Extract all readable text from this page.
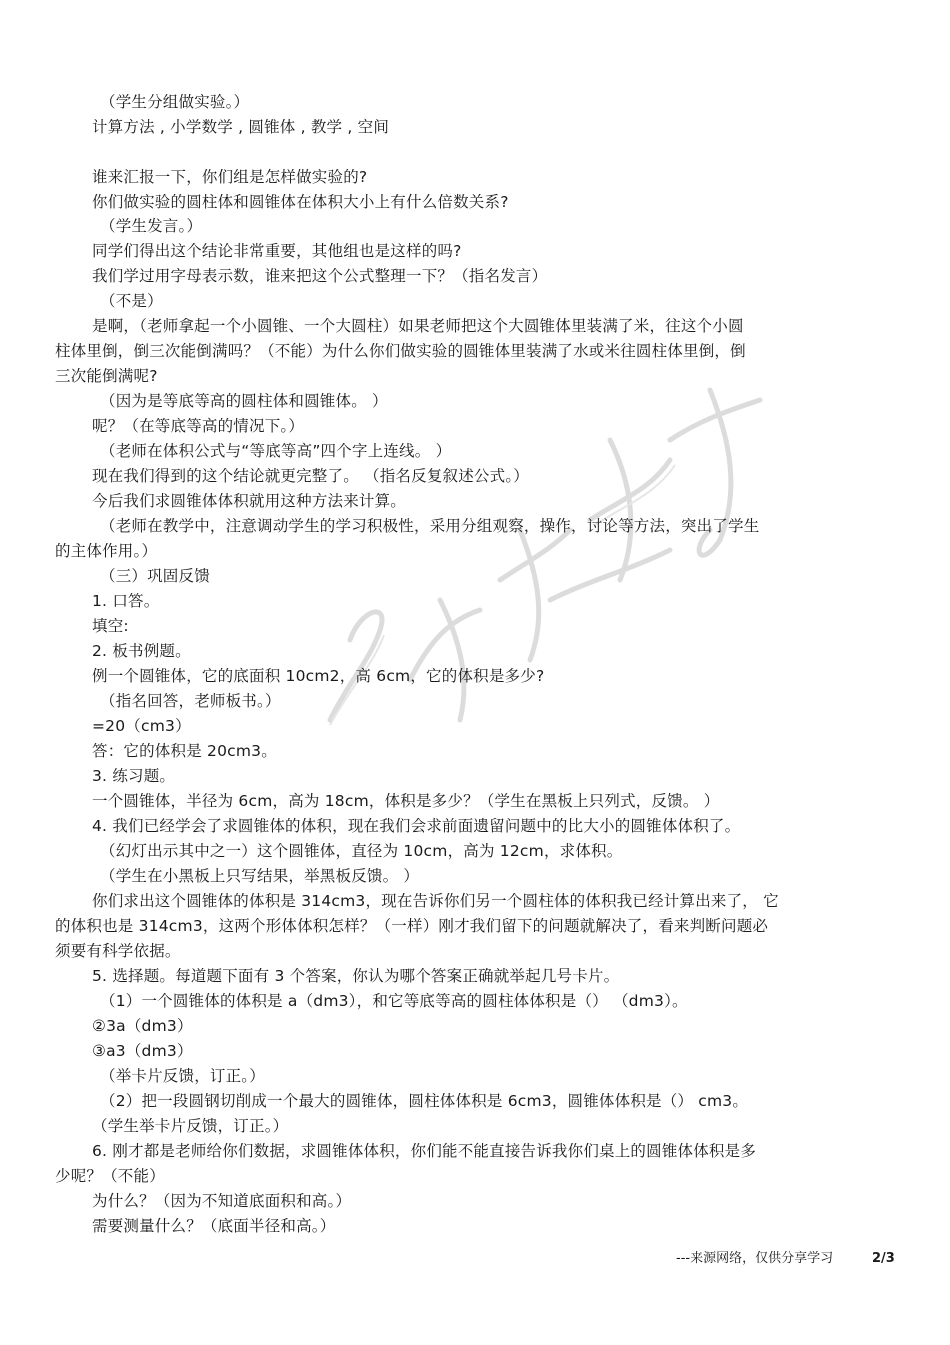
（学生分组做实验。）
计算方法 , 小学数学 , 圆锥体 , 教学 , 空间
谁来汇报一下，你们组是怎样做实验的?
你们做实验的圆柱体和圆锥体在体积大小上有什么倍数关系?
（学生发言。）
同学们得出这个结论非常重要，其他组也是这样的吗?
我们学过用字母表示数，谁来把这个公式整理一下？（指名发言）
（不是）
是啊，（老师拿起一个小圆锥、一个大圆柱）如果老师把这个大圆锥体里装满了米，往这个小圆
柱体里倒，倒三次能倒满吗？（不能）为什么你们做实验的圆锥体里装满了水或米往圆柱体里倒，倒
三次能倒满呢?
（因为是等底等高的圆柱体和圆锥体。 ）
呢？（在等底等高的情况下。）
（老师在体积公式与“等底等高”四个字上连线。 ）
现在我们得到的这个结论就更完整了。 （指名反复叙述公式。）
今后我们求圆锥体体积就用这种方法来计算。
（老师在教学中，注意调动学生的学习积极性，采用分组观察，操作，讨论等方法，突出了学生
的主体作用。）
（三）巩固反馈
1. 口答。
填空:
2. 板书例题。
例一个圆锥体，它的底面积 10cm2，高 6cm，它的体积是多少?
（指名回答，老师板书。）
=20（cm3）
答：它的体积是 20cm3。
3. 练习题。
一个圆锥体，半径为 6cm，高为 18cm，体积是多少？（学生在黑板上只列式，反馈。 ）
4. 我们已经学会了求圆锥体的体积，现在我们会求前面遗留问题中的比大小的圆锥体体积了。
（幻灯出示其中之一）这个圆锥体，直径为 10cm，高为 12cm，求体积。
（学生在小黑板上只写结果，举黑板反馈。 ）
你们求出这个圆锥体的体积是 314cm3，现在告诉你们另一个圆柱体的体积我已经计算出来了， 它
的体积也是 314cm3，这两个形体体积怎样？（一样）刚才我们留下的问题就解决了，看来判断问题必
须要有科学依据。
5. 选择题。每道题下面有 3 个答案，你认为哪个答案正确就举起几号卡片。
（1）一个圆锥体的体积是 a（dm3），和它等底等高的圆柱体体积是（） （dm3）。
②3a（dm3）
③a3（dm3）
（举卡片反馈，订正。）
（2）把一段圆钢切削成一个最大的圆锥体，圆柱体体积是 6cm3，圆锥体体积是（） cm3。
（学生举卡片反馈，订正。）
6. 刚才都是老师给你们数据，求圆锥体体积，你们能不能直接告诉我你们桌上的圆锥体体积是多
少呢？（不能）
为什么？（因为不知道底面积和高。）
需要测量什么？（底面半径和高。）
---来源网络，仅供分享学习	2/3
